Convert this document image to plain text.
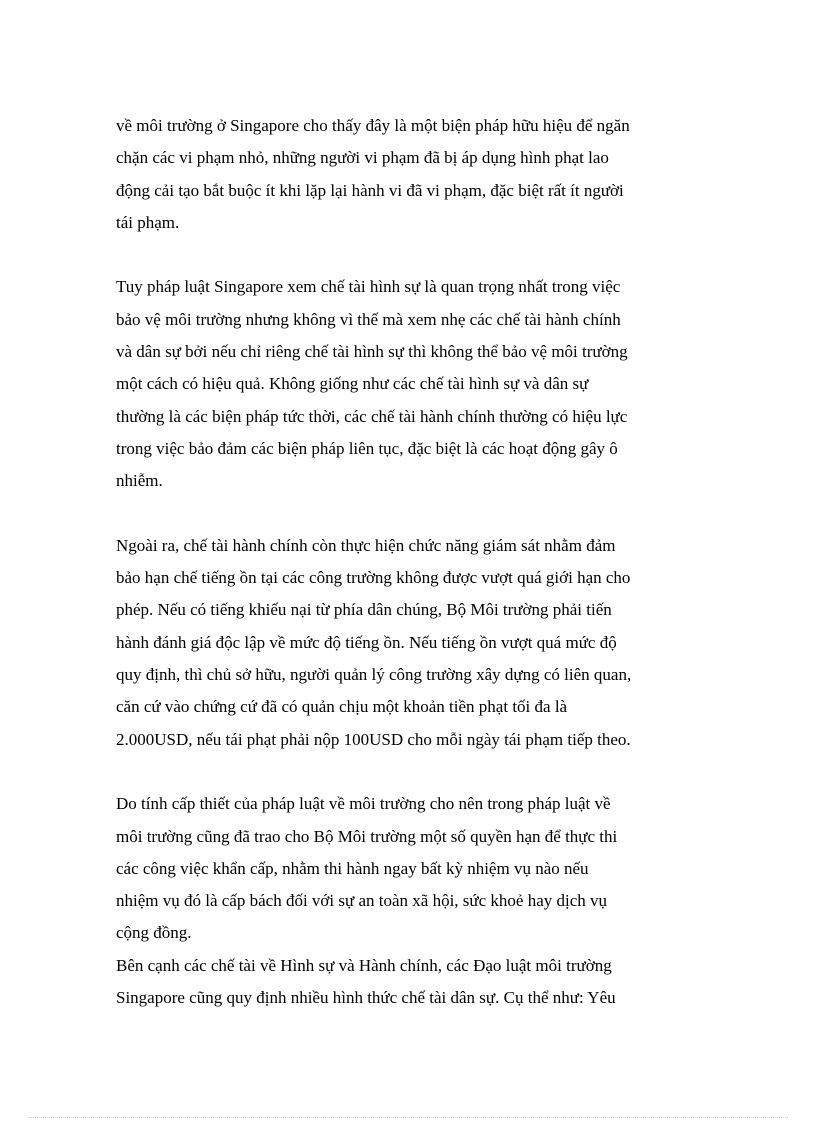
về môi trường ở Singapore cho thấy đây là một biện pháp hữu hiệu để ngăn
chặn các vi phạm nhỏ, những người vi phạm đã bị áp dụng hình phạt lao
động cải tạo bắt buộc ít khi lặp lại hành vi đã vi phạm, đặc biệt rất ít người
tái phạm.

Tuy pháp luật Singapore xem chế tài hình sự là quan trọng nhất trong việc
bảo vệ môi trường nhưng không vì thế mà xem nhẹ các chế tài hành chính
và dân sự bởi nếu chỉ riêng chế tài hình sự thì không thể bảo vệ môi trường
một cách có hiệu quả. Không giống như các chế tài hình sự và dân sự
thường là các biện pháp tức thời, các chế tài hành chính thường có hiệu lực
trong việc bảo đảm các biện pháp liên tục, đặc biệt là các hoạt động gây ô
nhiễm.

Ngoài ra, chế tài hành chính còn thực hiện chức năng giám sát nhằm đảm
bảo hạn chế tiếng ồn tại các công trường không được vượt quá giới hạn cho
phép. Nếu có tiếng khiếu nại từ phía dân chúng, Bộ Môi trường phải tiến
hành đánh giá độc lập về mức độ tiếng ồn. Nếu tiếng ồn vượt quá mức độ
quy định, thì chủ sở hữu, người quản lý công trường xây dựng có liên quan,
căn cứ vào chứng cứ đã có quản chịu một khoản tiền phạt tối đa là
2.000USD, nếu tái phạt phải nộp 100USD cho mỗi ngày tái phạm tiếp theo.

Do tính cấp thiết của pháp luật về môi trường cho nên trong pháp luật về
môi trường cũng đã trao cho Bộ Môi trường một số quyền hạn để thực thi
các công việc khẩn cấp, nhằm thi hành ngay bất kỳ nhiệm vụ nào nếu
nhiệm vụ đó là cấp bách đối với sự an toàn xã hội, sức khoẻ hay dịch vụ
cộng đồng.

Bên cạnh các chế tài về Hình sự và Hành chính, các Đạo luật môi trường
Singapore cũng quy định nhiều hình thức chế tài dân sự. Cụ thể như: Yêu
